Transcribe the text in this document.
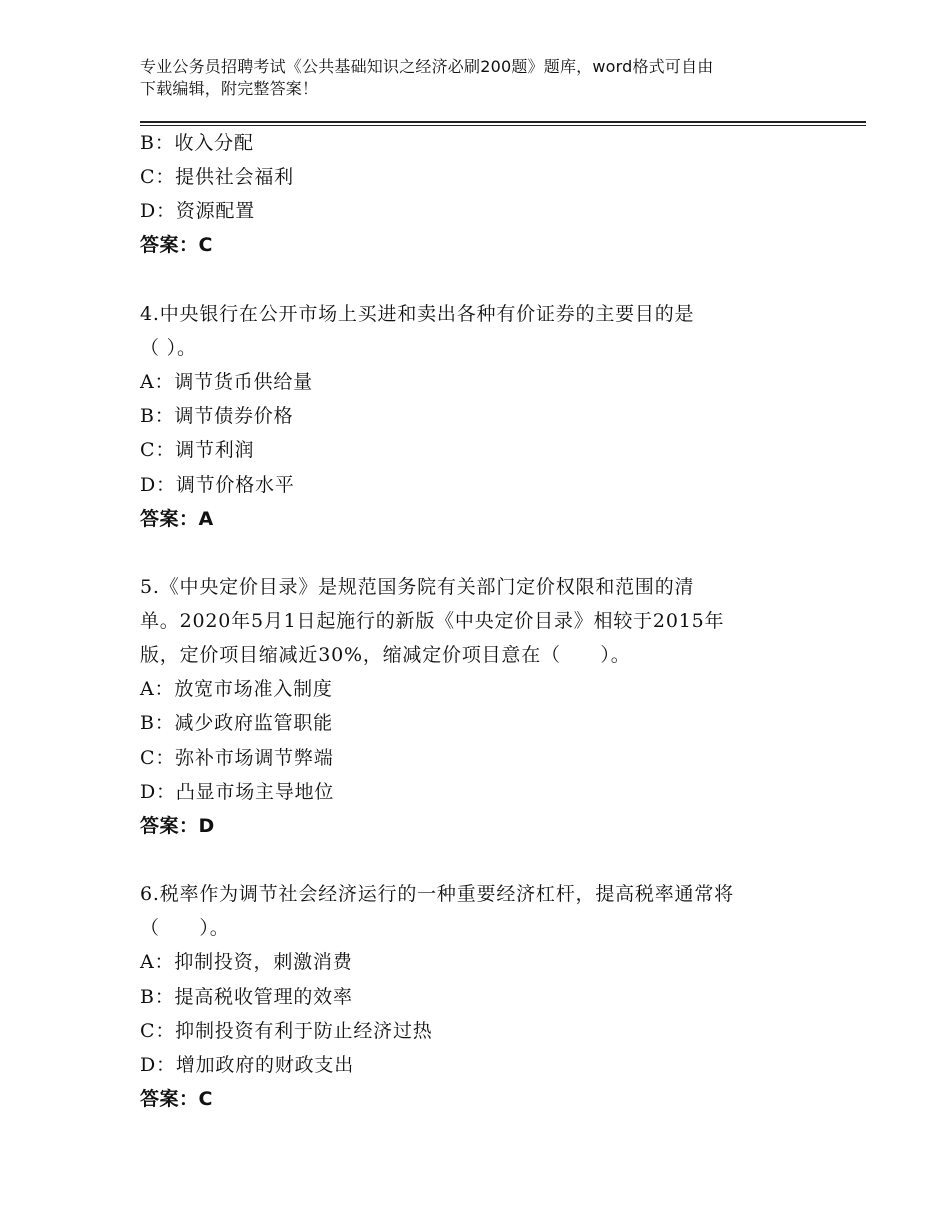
专业公务员招聘考试《公共基础知识之经济必刷200题》题库，word格式可自由
下载编辑，附完整答案！
B：收入分配
C：提供社会福利
D：资源配置
答案：C
4.中央银行在公开市场上买进和卖出各种有价证券的主要目的是
（ ）。
A：调节货币供给量
B：调节债券价格
C：调节利润
D：调节价格水平
答案：A
5.《中央定价目录》是规范国务院有关部门定价权限和范围的清
单。2020年5月1日起施行的新版《中央定价目录》相较于2015年
版，定价项目缩减近30%，缩减定价项目意在（　　）。
A：放宽市场准入制度
B：减少政府监管职能
C：弥补市场调节弊端
D：凸显市场主导地位
答案：D
6.税率作为调节社会经济运行的一种重要经济杠杆，提高税率通常将
（　　）。
A：抑制投资，刺激消费
B：提高税收管理的效率
C：抑制投资有利于防止经济过热
D：增加政府的财政支出
答案：C
